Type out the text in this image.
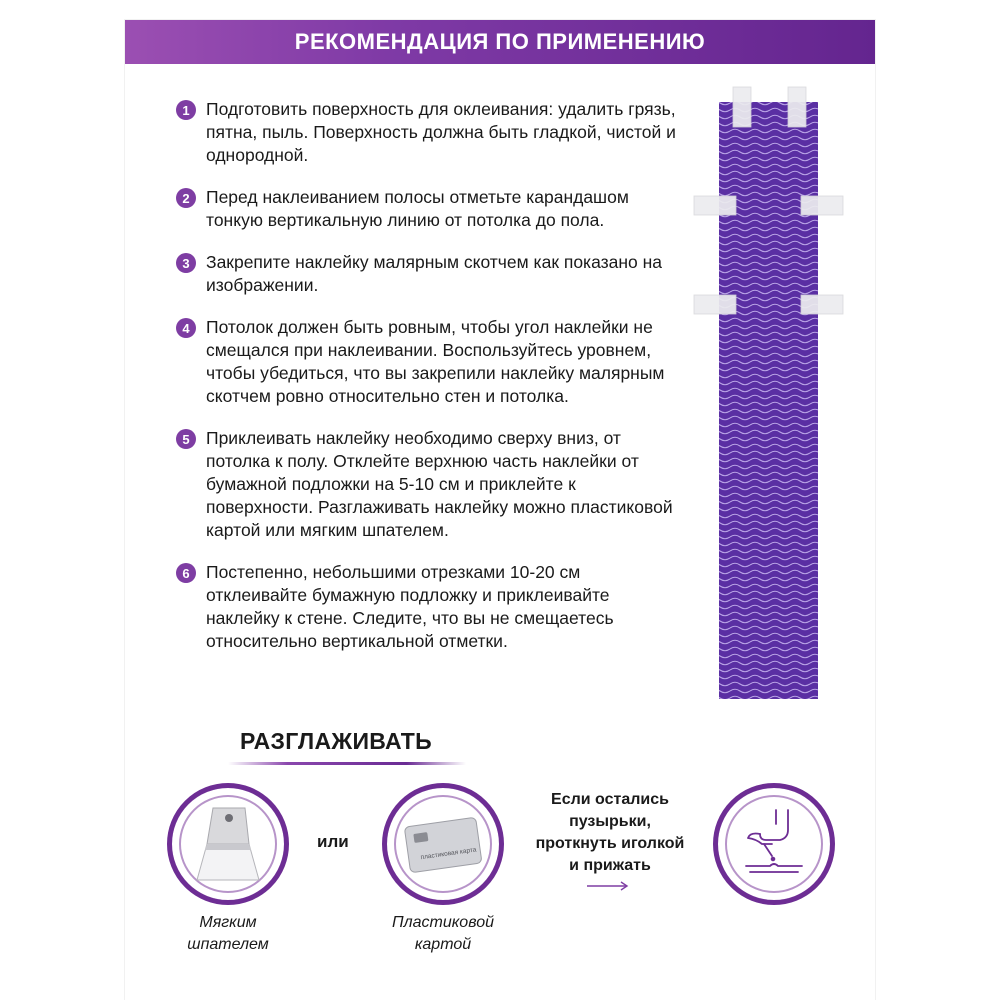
РЕКОМЕНДАЦИЯ ПО ПРИМЕНЕНИЮ
1 Подготовить поверхность для оклеивания: удалить грязь, пятна, пыль. Поверхность должна быть гладкой, чистой и однородной.
2 Перед наклеиванием полосы отметьте карандашом тонкую вертикальную линию от потолка до пола.
3 Закрепите наклейку малярным скотчем как показано на изображении.
4 Потолок должен быть ровным, чтобы угол наклейки не смещался при наклеивании. Воспользуйтесь уровнем, чтобы убедиться, что вы закрепили наклейку малярным скотчем ровно относительно стен и потолка.
5 Приклеивать наклейку необходимо сверху вниз, от потолка к полу. Отклейте верхнюю часть наклейки от бумажной подложки на 5-10 см и приклейте к поверхности. Разглаживать наклейку можно пластиковой картой или мягким шпателем.
6 Постепенно, небольшими отрезками 10-20 см отклеивайте бумажную подложку и приклеивайте наклейку к стене. Следите, что вы не смещаетесь относительно вертикальной отметки.
РАЗГЛАЖИВАТЬ
Мягким
шпателем
или
пластиковая карта
Пластиковой
картой
Если остались
пузырьки,
проткнуть иголкой
и прижать
